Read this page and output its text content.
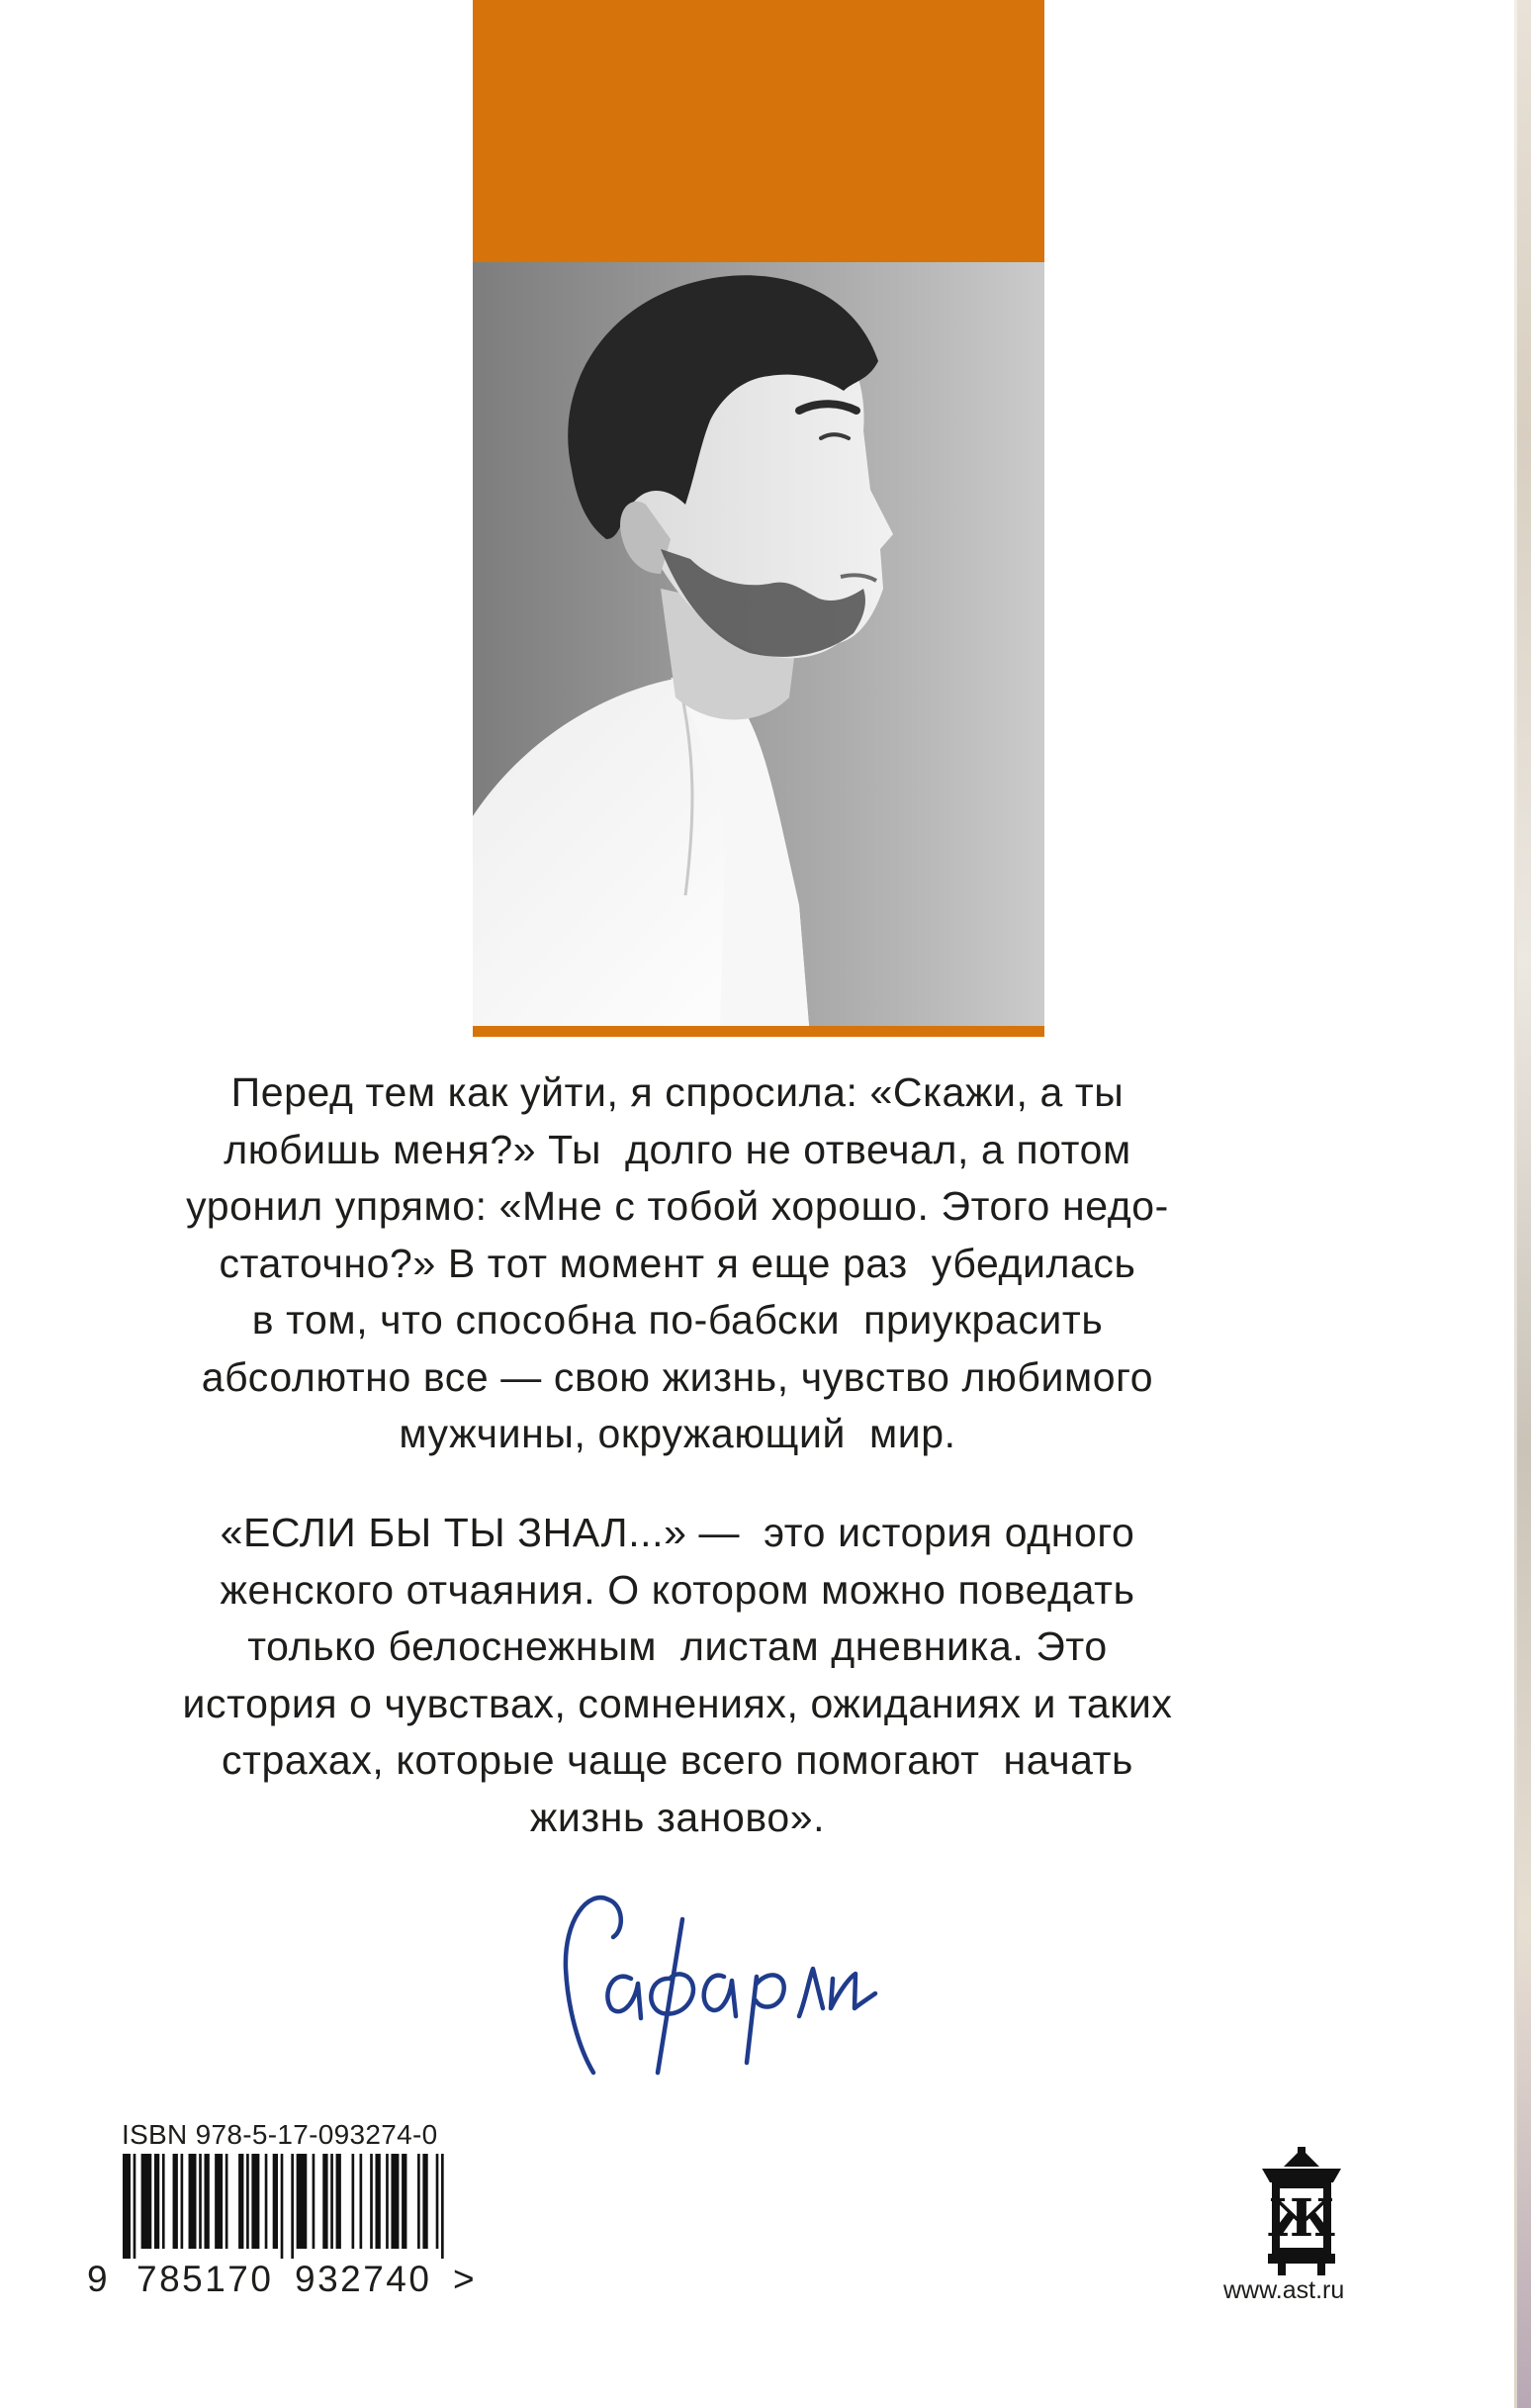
Перед тем как уйти, я спросила: «Скажи, а ты
любишь меня?» Ты  долго не отвечал, а потом
уронил упрямо: «Мне с тобой хорошо. Этого недо-
статочно?» В тот момент я еще раз  убедилась
в том, что способна по-бабски  приукрасить
абсолютно все — свою жизнь, чувство любимого
мужчины, окружающий  мир.

«ЕСЛИ БЫ ТЫ ЗНАЛ...» —  это история одного
женского отчаяния. О котором можно поведать
только белоснежным  листам дневника. Это
история о чувствах, сомнениях, ожиданиях и таких
страхах, которые чаще всего помогают  начать
жизнь заново».

ISBN 978-5-17-093274-0
9 785170 932740 >
Ж
www.ast.ru
